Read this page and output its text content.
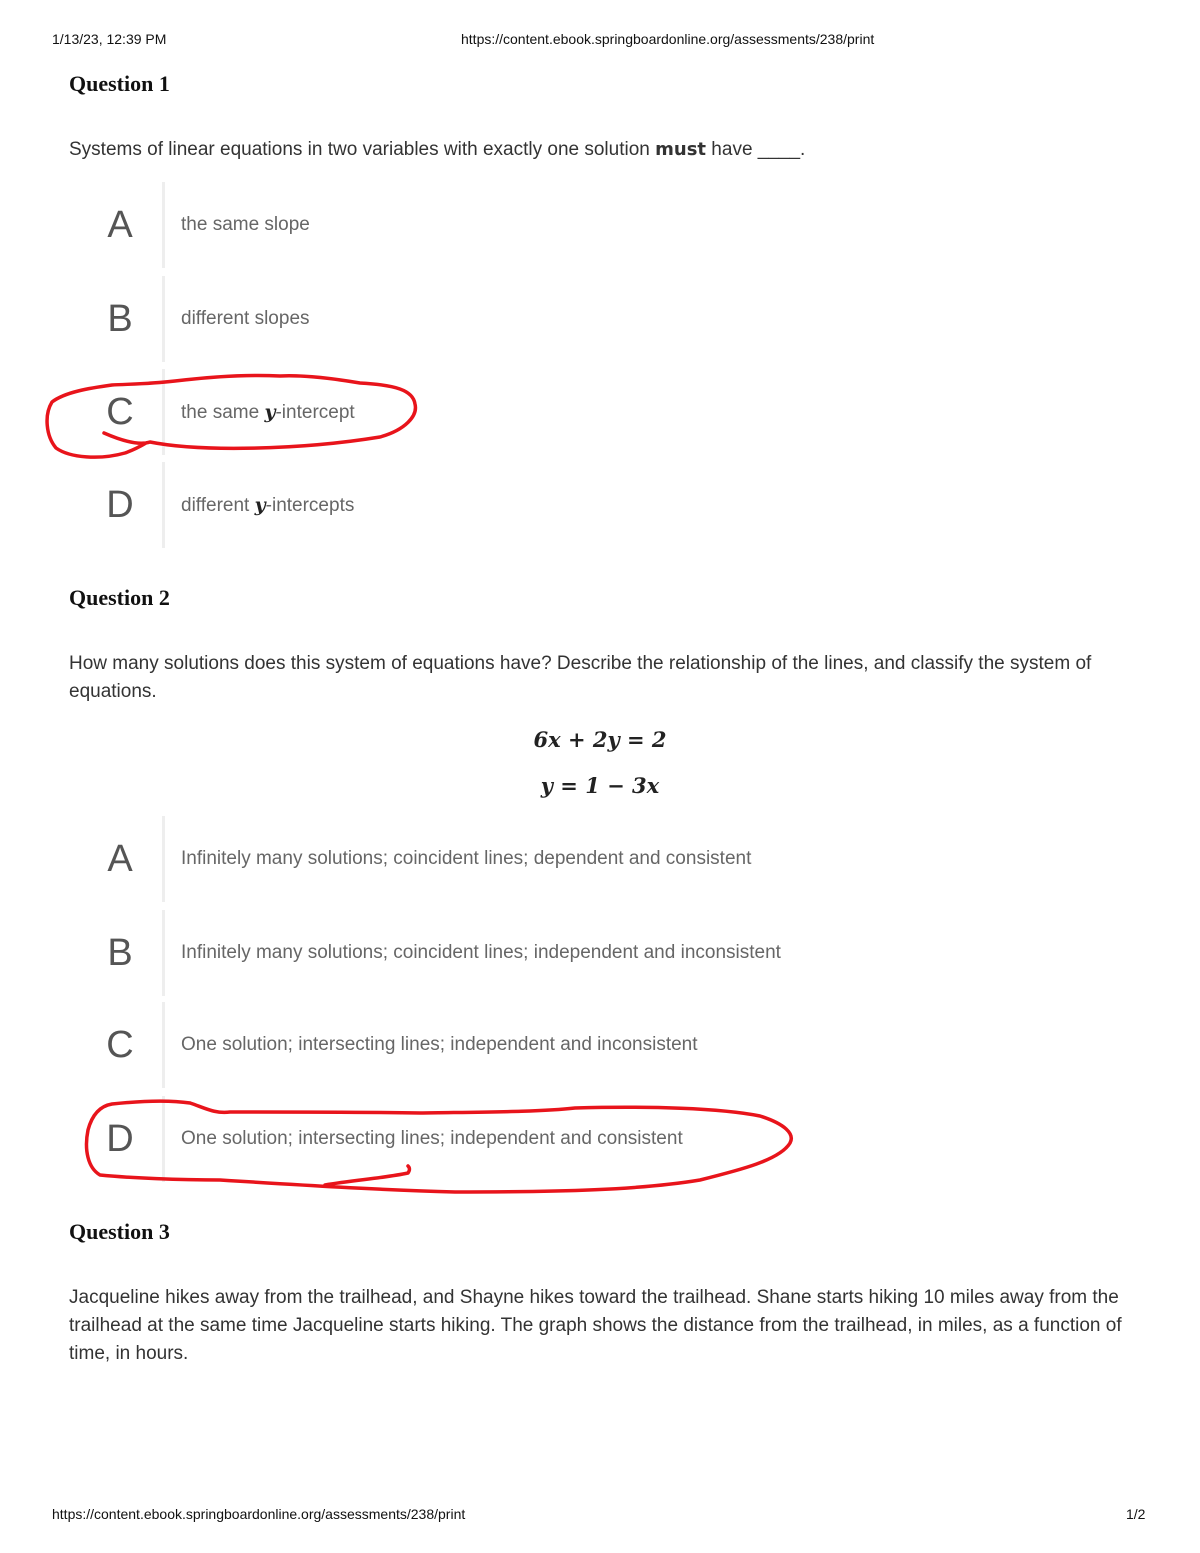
1/13/23, 12:39 PM	https://content.ebook.springboardonline.org/assessments/238/print
Question 1

Systems of linear equations in two variables with exactly one solution must have ____.

A	the same slope
B	different slopes
C	the same y-intercept
D	different y-intercepts
Question 2

How many solutions does this system of equations have? Describe the relationship of the lines, and classify the system of equations.

6x + 2y = 2
y = 1 − 3x
A	Infinitely many solutions; coincident lines; dependent and consistent
B	Infinitely many solutions; coincident lines; independent and inconsistent
C	One solution; intersecting lines; independent and inconsistent
D	One solution; intersecting lines; independent and consistent
Question 3

Jacqueline hikes away from the trailhead, and Shayne hikes toward the trailhead. Shane starts hiking 10 miles away from the trailhead at the same time Jacqueline starts hiking. The graph shows the distance from the trailhead, in miles, as a function of time, in hours.

https://content.ebook.springboardonline.org/assessments/238/print	1/2
